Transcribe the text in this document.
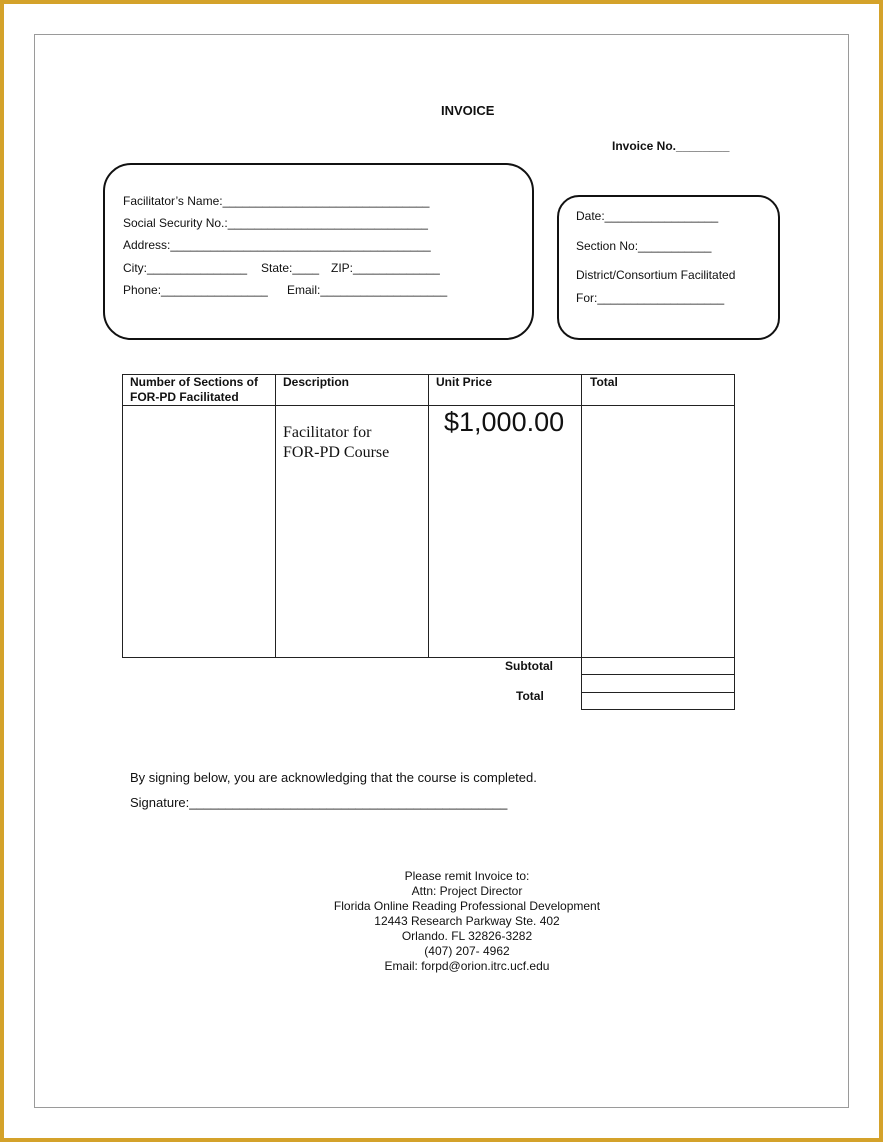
INVOICE
Invoice No.________
Facilitator’s Name:_______________________________
Social Security No.:______________________________
Address:_______________________________________
City:_______________ State:____ ZIP:_____________
Phone:________________ Email:___________________
Date:_________________
Section No:___________
District/Consortium Facilitated
For:___________________
Number of Sections of FOR-PD Facilitated
Description	Unit Price	Total
Facilitator for
FOR-PD Course
$1,000.00
Subtotal
Total
By signing below, you are acknowledging that the course is completed.
Signature:____________________________________________
Please remit Invoice to:
Attn: Project Director
Florida Online Reading Professional Development
12443 Research Parkway Ste. 402
Orlando. FL 32826-3282
(407) 207- 4962
Email: forpd@orion.itrc.ucf.edu
